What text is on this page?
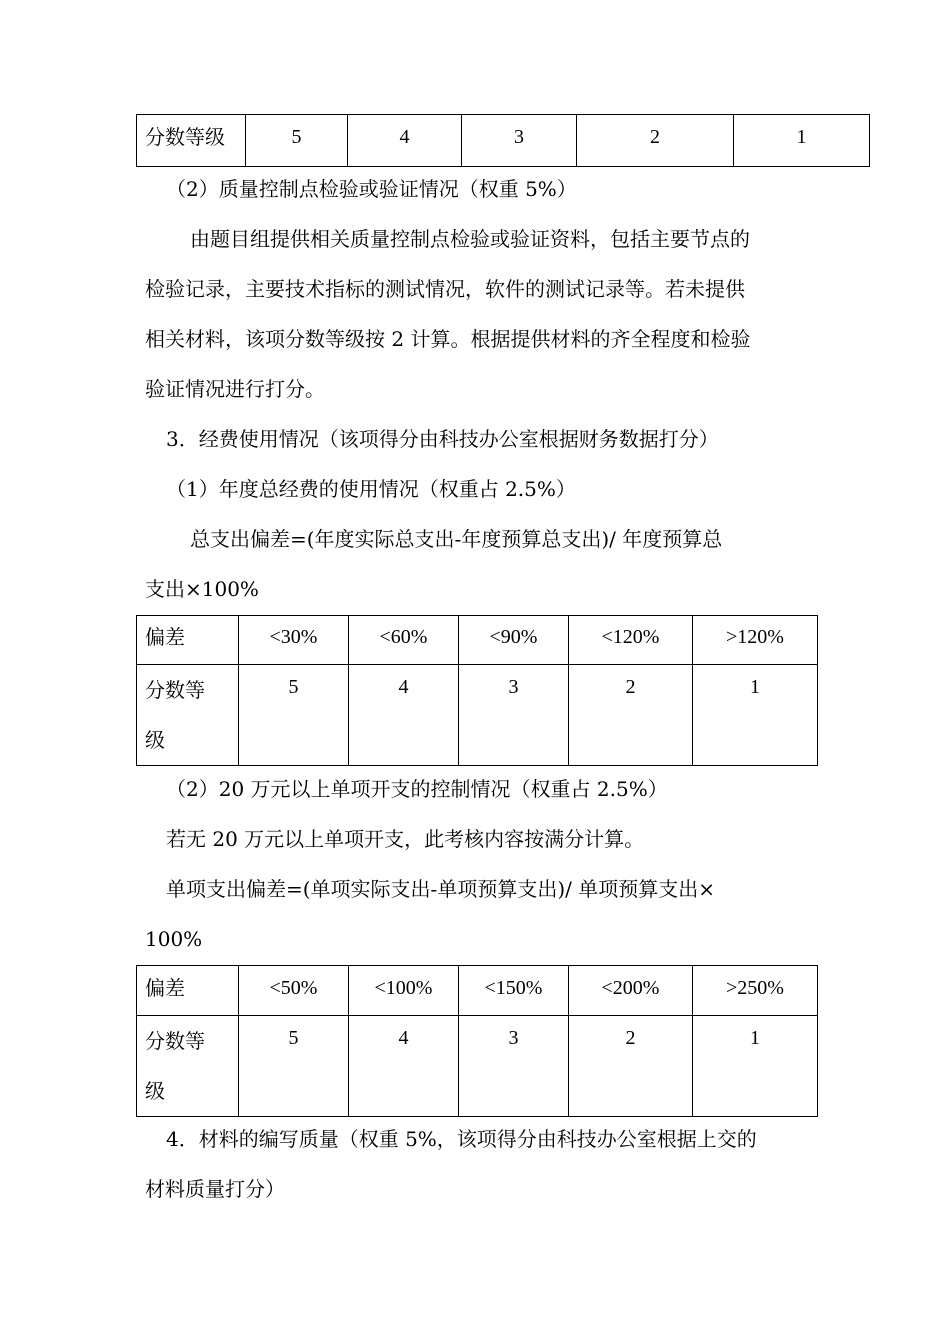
分数等级	5	4	3	2	1
（2）质量控制点检验或验证情况（权重 5%）
由题目组提供相关质量控制点检验或验证资料，包括主要节点的
检验记录，主要技术指标的测试情况，软件的测试记录等。若未提供
相关材料，该项分数等级按 2 计算。根据提供材料的齐全程度和检验
验证情况进行打分。
3．经费使用情况（该项得分由科技办公室根据财务数据打分）
（1）年度总经费的使用情况（权重占 2.5%）
总支出偏差=(年度实际总支出-年度预算总支出)/ 年度预算总
支出×100%
偏差	<30%	<60%	<90%	<120%	>120%

分数等
级	5	4	3	2	1
（2）20 万元以上单项开支的控制情况（权重占 2.5%）
若无 20 万元以上单项开支，此考核内容按满分计算。
单项支出偏差=(单项实际支出-单项预算支出)/ 单项预算支出×
100%
偏差	<50%	<100%	<150%	<200%	>250%

分数等
级	5	4	3	2	1
4．材料的编写质量（权重 5%，该项得分由科技办公室根据上交的
材料质量打分）
